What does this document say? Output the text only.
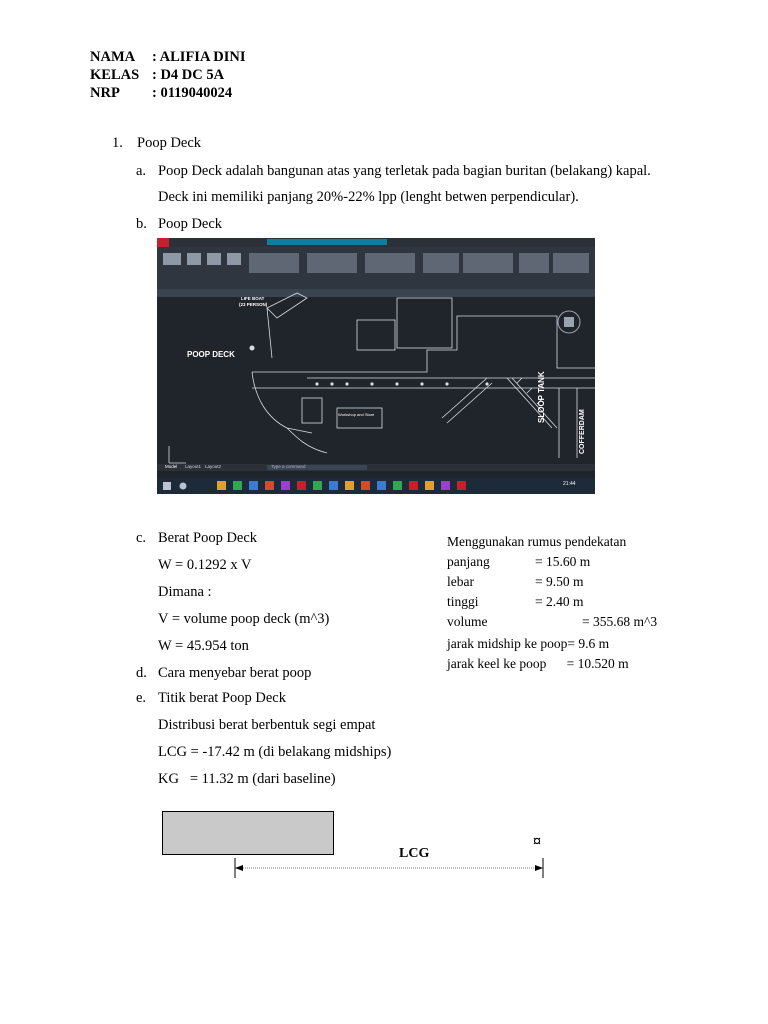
NAMA : ALIFIA DINI
KELAS : D4 DC 5A
NRP : 0119040024
1. Poop Deck
a. Poop Deck adalah bangunan atas yang terletak pada bagian buritan (belakang) kapal.
Deck ini memiliki panjang 20%-22% lpp (lenght betwen perpendicular).
b. Poop Deck
POOP DECK
LIFE BOAT
(23 PERSON)
SLOOP TANK
COFFERDAM
Workshop and Store
Model Layout1 Layout2	Type a command
21:44
c. Berat Poop Deck
W = 0.1292 x V
Dimana :
V = volume poop deck (m^3)
W = 45.954 ton
d. Cara menyebar berat poop
e. Titik berat Poop Deck
Distribusi berat berbentuk segi empat
LCG = -17.42 m (di belakang midships)
KG   = 11.32 m (dari baseline)
Menggunakan rumus pendekatan
panjang	= 15.60 m
lebar	= 9.50 m
tinggi	= 2.40 m
volume	= 355.68 m^3
jarak midship ke poop= 9.6 m
jarak keel ke poop      = 10.520 m
LCG
¤
